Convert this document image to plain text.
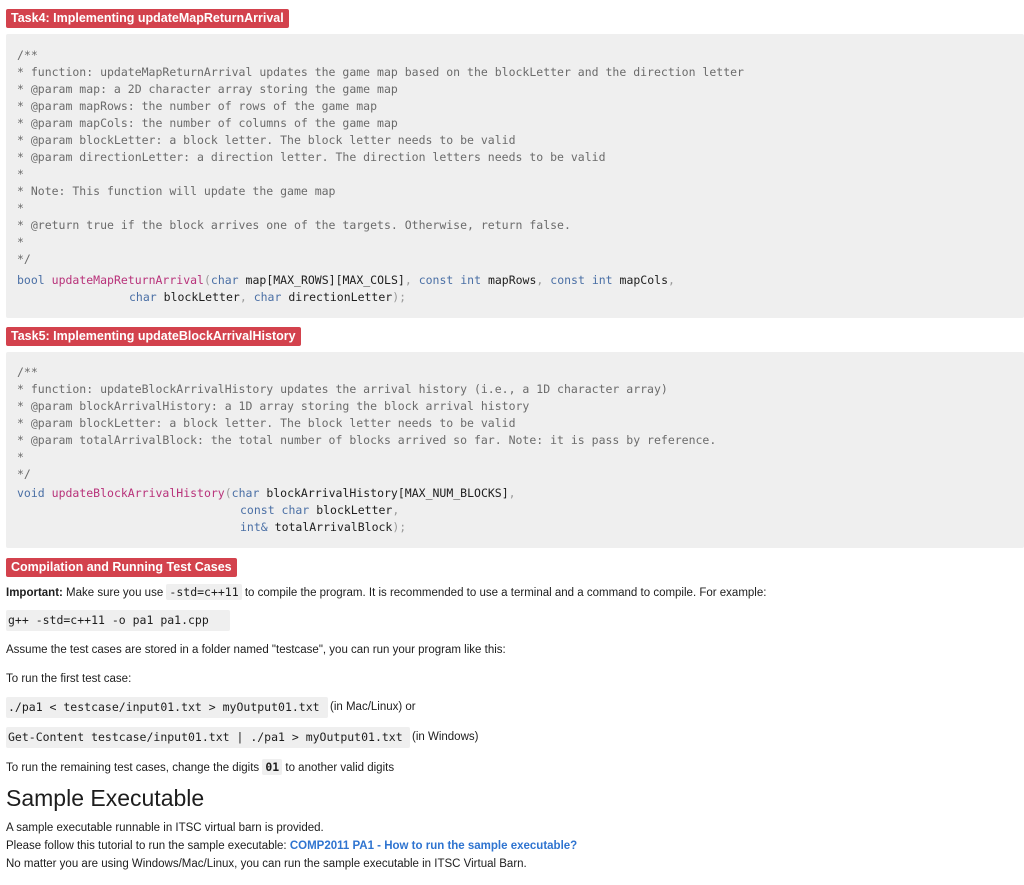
Task4: Implementing updateMapReturnArrival

/**

* function: updateMapReturnArrival updates the game map based on the blockLetter and the direction letter

* @param map: a 2D character array storing the game map

* @param mapRows: the number of rows of the game map

* @param mapCols: the number of columns of the game map

* @param blockLetter: a block letter. The block letter needs to be valid

* @param directionLetter: a direction letter. The direction letters needs to be valid

*

* Note: This function will update the game map

*

* @return true if the block arrives one of the targets. Otherwise, return false.

*

*/

bool updateMapReturnArrival(char map[MAX_ROWS][MAX_COLS], const int mapRows, const int mapCols,

char blockLetter, char directionLetter);

Task5: Implementing updateBlockArrivalHistory

/**

* function: updateBlockArrivalHistory updates the arrival history (i.e., a 1D character array)

* @param blockArrivalHistory: a 1D array storing the block arrival history

* @param blockLetter: a block letter. The block letter needs to be valid

* @param totalArrivalBlock: the total number of blocks arrived so far. Note: it is pass by reference.

*

*/

void updateBlockArrivalHistory(char blockArrivalHistory[MAX_NUM_BLOCKS],

const char blockLetter,

int& totalArrivalBlock);

Compilation and Running Test Cases
Important: Make sure you use -std=c++11 to compile the program. It is recommended to use a terminal and a command to compile. For example:
g++ -std=c++11 -o pa1 pa1.cpp
Assume the test cases are stored in a folder named "testcase", you can run your program like this:
To run the first test case:
./pa1 < testcase/input01.txt > myOutput01.txt (in Mac/Linux) or
Get-Content testcase/input01.txt | ./pa1 > myOutput01.txt (in Windows)
To run the remaining test cases, change the digits 01 to another valid digits
Sample Executable
A sample executable runnable in ITSC virtual barn is provided.
Please follow this tutorial to run the sample executable: COMP2011 PA1 - How to run the sample executable?
No matter you are using Windows/Mac/Linux, you can run the sample executable in ITSC Virtual Barn.
